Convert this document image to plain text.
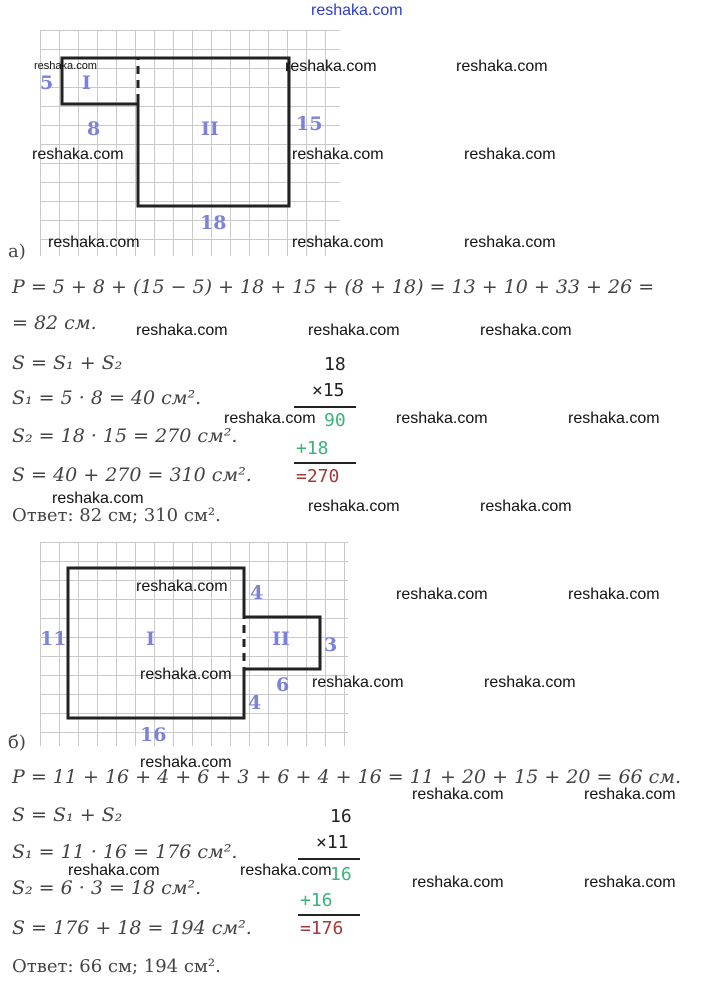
reshaka.com
reshaka.com
5 I
8	II	15
18
reshaka.com	reshaka.com
reshaka.com	reshaka.com	reshaka.com
а) reshaka.com	reshaka.com	reshaka.com
P = 5 + 8 + (15 − 5) + 18 + 15 + (8 + 18) = 13 + 10 + 33 + 26 =
= 82 см. reshaka.com	reshaka.com	reshaka.com
S = S₁ + S₂
S₁ = 5 · 8 = 40 см².
S₂ = 18 · 15 = 270 см².
S = 40 + 270 = 310 см².
Ответ: 82 см; 310 см².
18
×15
90
+18
=270
reshaka.com	reshaka.com	reshaka.com
reshaka.com	reshaka.com	reshaka.com
11	I	II
4
3
6
4
16
reshaka.com	reshaka.com	reshaka.com
reshaka.com	reshaka.com	reshaka.com
б)
reshaka.com
P = 11 + 16 + 4 + 6 + 3 + 6 + 4 + 16 = 11 + 20 + 15 + 20 = 66 см.
reshaka.com	reshaka.com
S = S₁ + S₂
S₁ = 11 · 16 = 176 см².
S₂ = 6 · 3 = 18 см².
S = 176 + 18 = 194 см².
Ответ: 66 см; 194 см².
16
×11
16
+16
=176
reshaka.com	reshaka.com
reshaka.com	reshaka.com
